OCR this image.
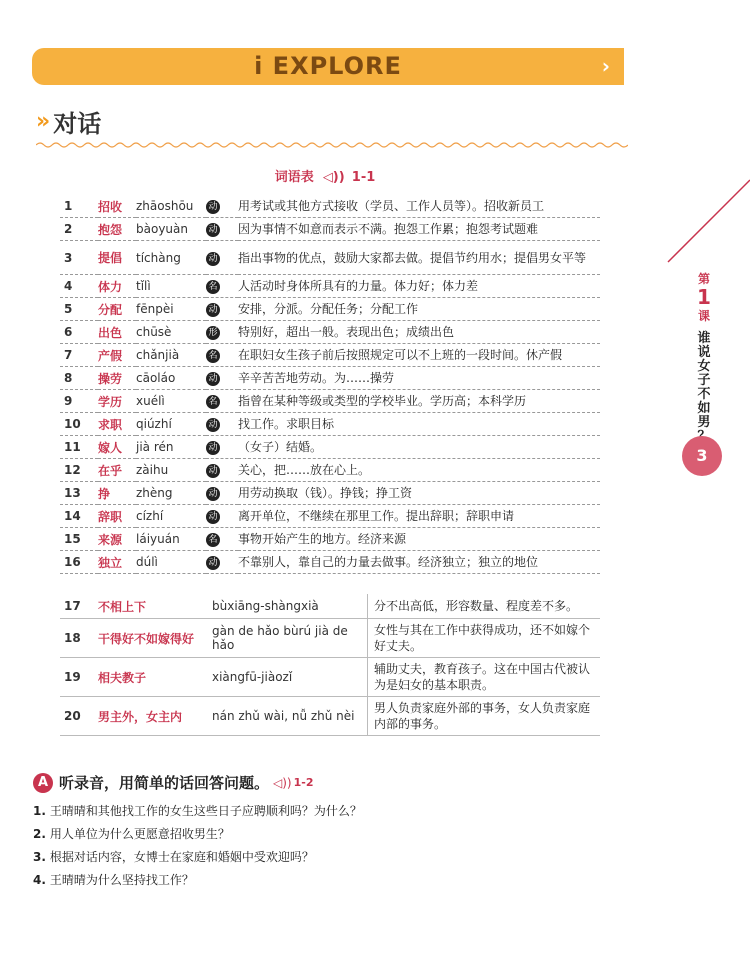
i EXPLORE	›
» 对话
词语表 ◁)) 1-1
1	招收	zhāoshōu	动	用考试或其他方式接收（学员、工作人员等）。招收新员工
2	抱怨	bàoyuàn	动	因为事情不如意而表示不满。抱怨工作累；抱怨考试题难
3	提倡	tíchàng	动	指出事物的优点，鼓励大家都去做。提倡节约用水；提倡男女平等
4	体力	tǐlì	名	人活动时身体所具有的力量。体力好；体力差
5	分配	fēnpèi	动	安排，分派。分配任务；分配工作
6	出色	chūsè	形	特别好，超出一般。表现出色；成绩出色
7	产假	chǎnjià	名	在职妇女生孩子前后按照规定可以不上班的一段时间。休产假
8	操劳	cāoláo	动	辛辛苦苦地劳动。为……操劳
9	学历	xuélì	名	指曾在某种等级或类型的学校毕业。学历高；本科学历
10	求职	qiúzhí	动	找工作。求职目标
11	嫁人	jià rén	动	（女子）结婚。
12	在乎	zàihu	动	关心，把……放在心上。
13	挣	zhèng	动	用劳动换取（钱）。挣钱；挣工资
14	辞职	cízhí	动	离开单位，不继续在那里工作。提出辞职；辞职申请
15	来源	láiyuán	名	事物开始产生的地方。经济来源
16	独立	dúlì	动	不靠别人，靠自己的力量去做事。经济独立；独立的地位
17	不相上下	bùxiāng-shàngxià	分不出高低，形容数量、程度差不多。
18	干得好不如嫁得好	gàn de hǎo bùrú jià de hǎo	女性与其在工作中获得成功，还不如嫁个好丈夫。
19	相夫教子	xiàngfū-jiàozǐ	辅助丈夫，教育孩子。这在中国古代被认为是妇女的基本职责。
20	男主外，女主内	nán zhǔ wài, nǚ zhǔ nèi	男人负责家庭外部的事务，女人负责家庭内部的事务。
A 听录音，用简单的话回答问题。 ◁)) 1-2
1. 王晴晴和其他找工作的女生这些日子应聘顺利吗？为什么？
2. 用人单位为什么更愿意招收男生？
3. 根据对话内容，女博士在家庭和婚姻中受欢迎吗？
4. 王晴晴为什么坚持找工作？
第
1
课
谁
说
女
子
不
如
男
3
